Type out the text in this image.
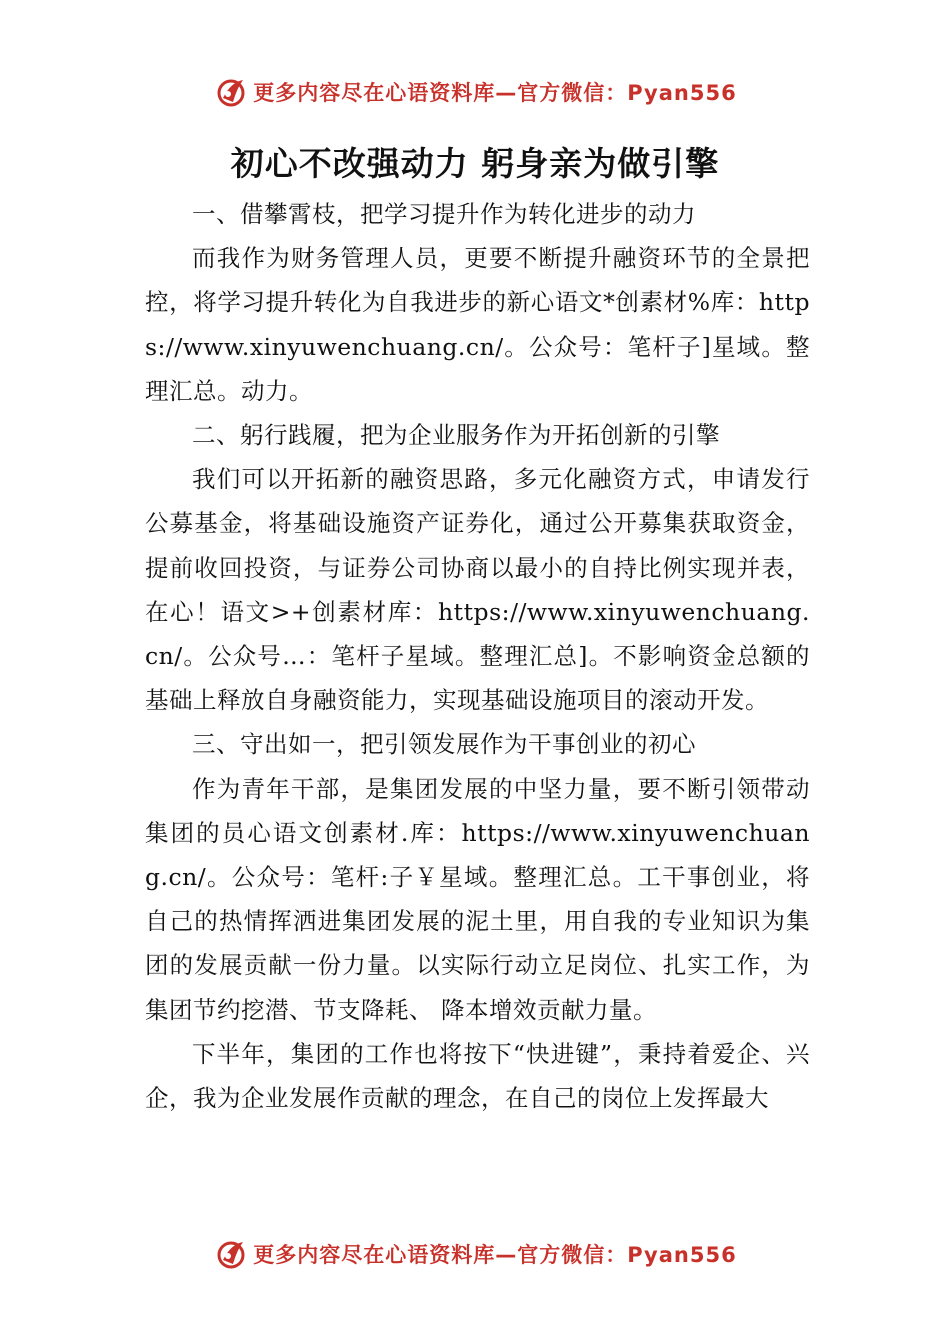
更多内容尽在心语资料库—官方微信：Pyan556
初心不改强动力 躬身亲为做引擎

一、借攀霄枝，把学习提升作为转化进步的动力

而我作为财务管理人员，更要不断提升融资环节的全景把控，将学习提升转化为自我进步的新心语文*创素材%库：https://www.xinyuwenchuang.cn/。公众号：笔杆子]星域。整理汇总。动力。

二、躬行践履，把为企业服务作为开拓创新的引擎

我们可以开拓新的融资思路，多元化融资方式，申请发行公募基金，将基础设施资产证券化，通过公开募集获取资金，提前收回投资，与证券公司协商以最小的自持比例实现并表，在心！语文>+创素材库：https://www.xinyuwenchuang.cn/。公众号…：笔杆子星域。整理汇总]。不影响资金总额的基础上释放自身融资能力，实现基础设施项目的滚动开发。

三、守出如一，把引领发展作为干事创业的初心

作为青年干部，是集团发展的中坚力量，要不断引领带动集团的员心语文创素材.库：https://www.xinyuwenchuang.cn/。公众号：笔杆:子￥星域。整理汇总。工干事创业，将自己的热情挥洒进集团发展的泥土里，用自我的专业知识为集团的发展贡献一份力量。以实际行动立足岗位、扎实工作，为集团节约挖潜、节支降耗、 降本增效贡献力量。

下半年，集团的工作也将按下“快进键”，秉持着爱企、兴企，我为企业发展作贡献的理念，在自己的岗位上发挥最大

更多内容尽在心语资料库—官方微信：Pyan556
